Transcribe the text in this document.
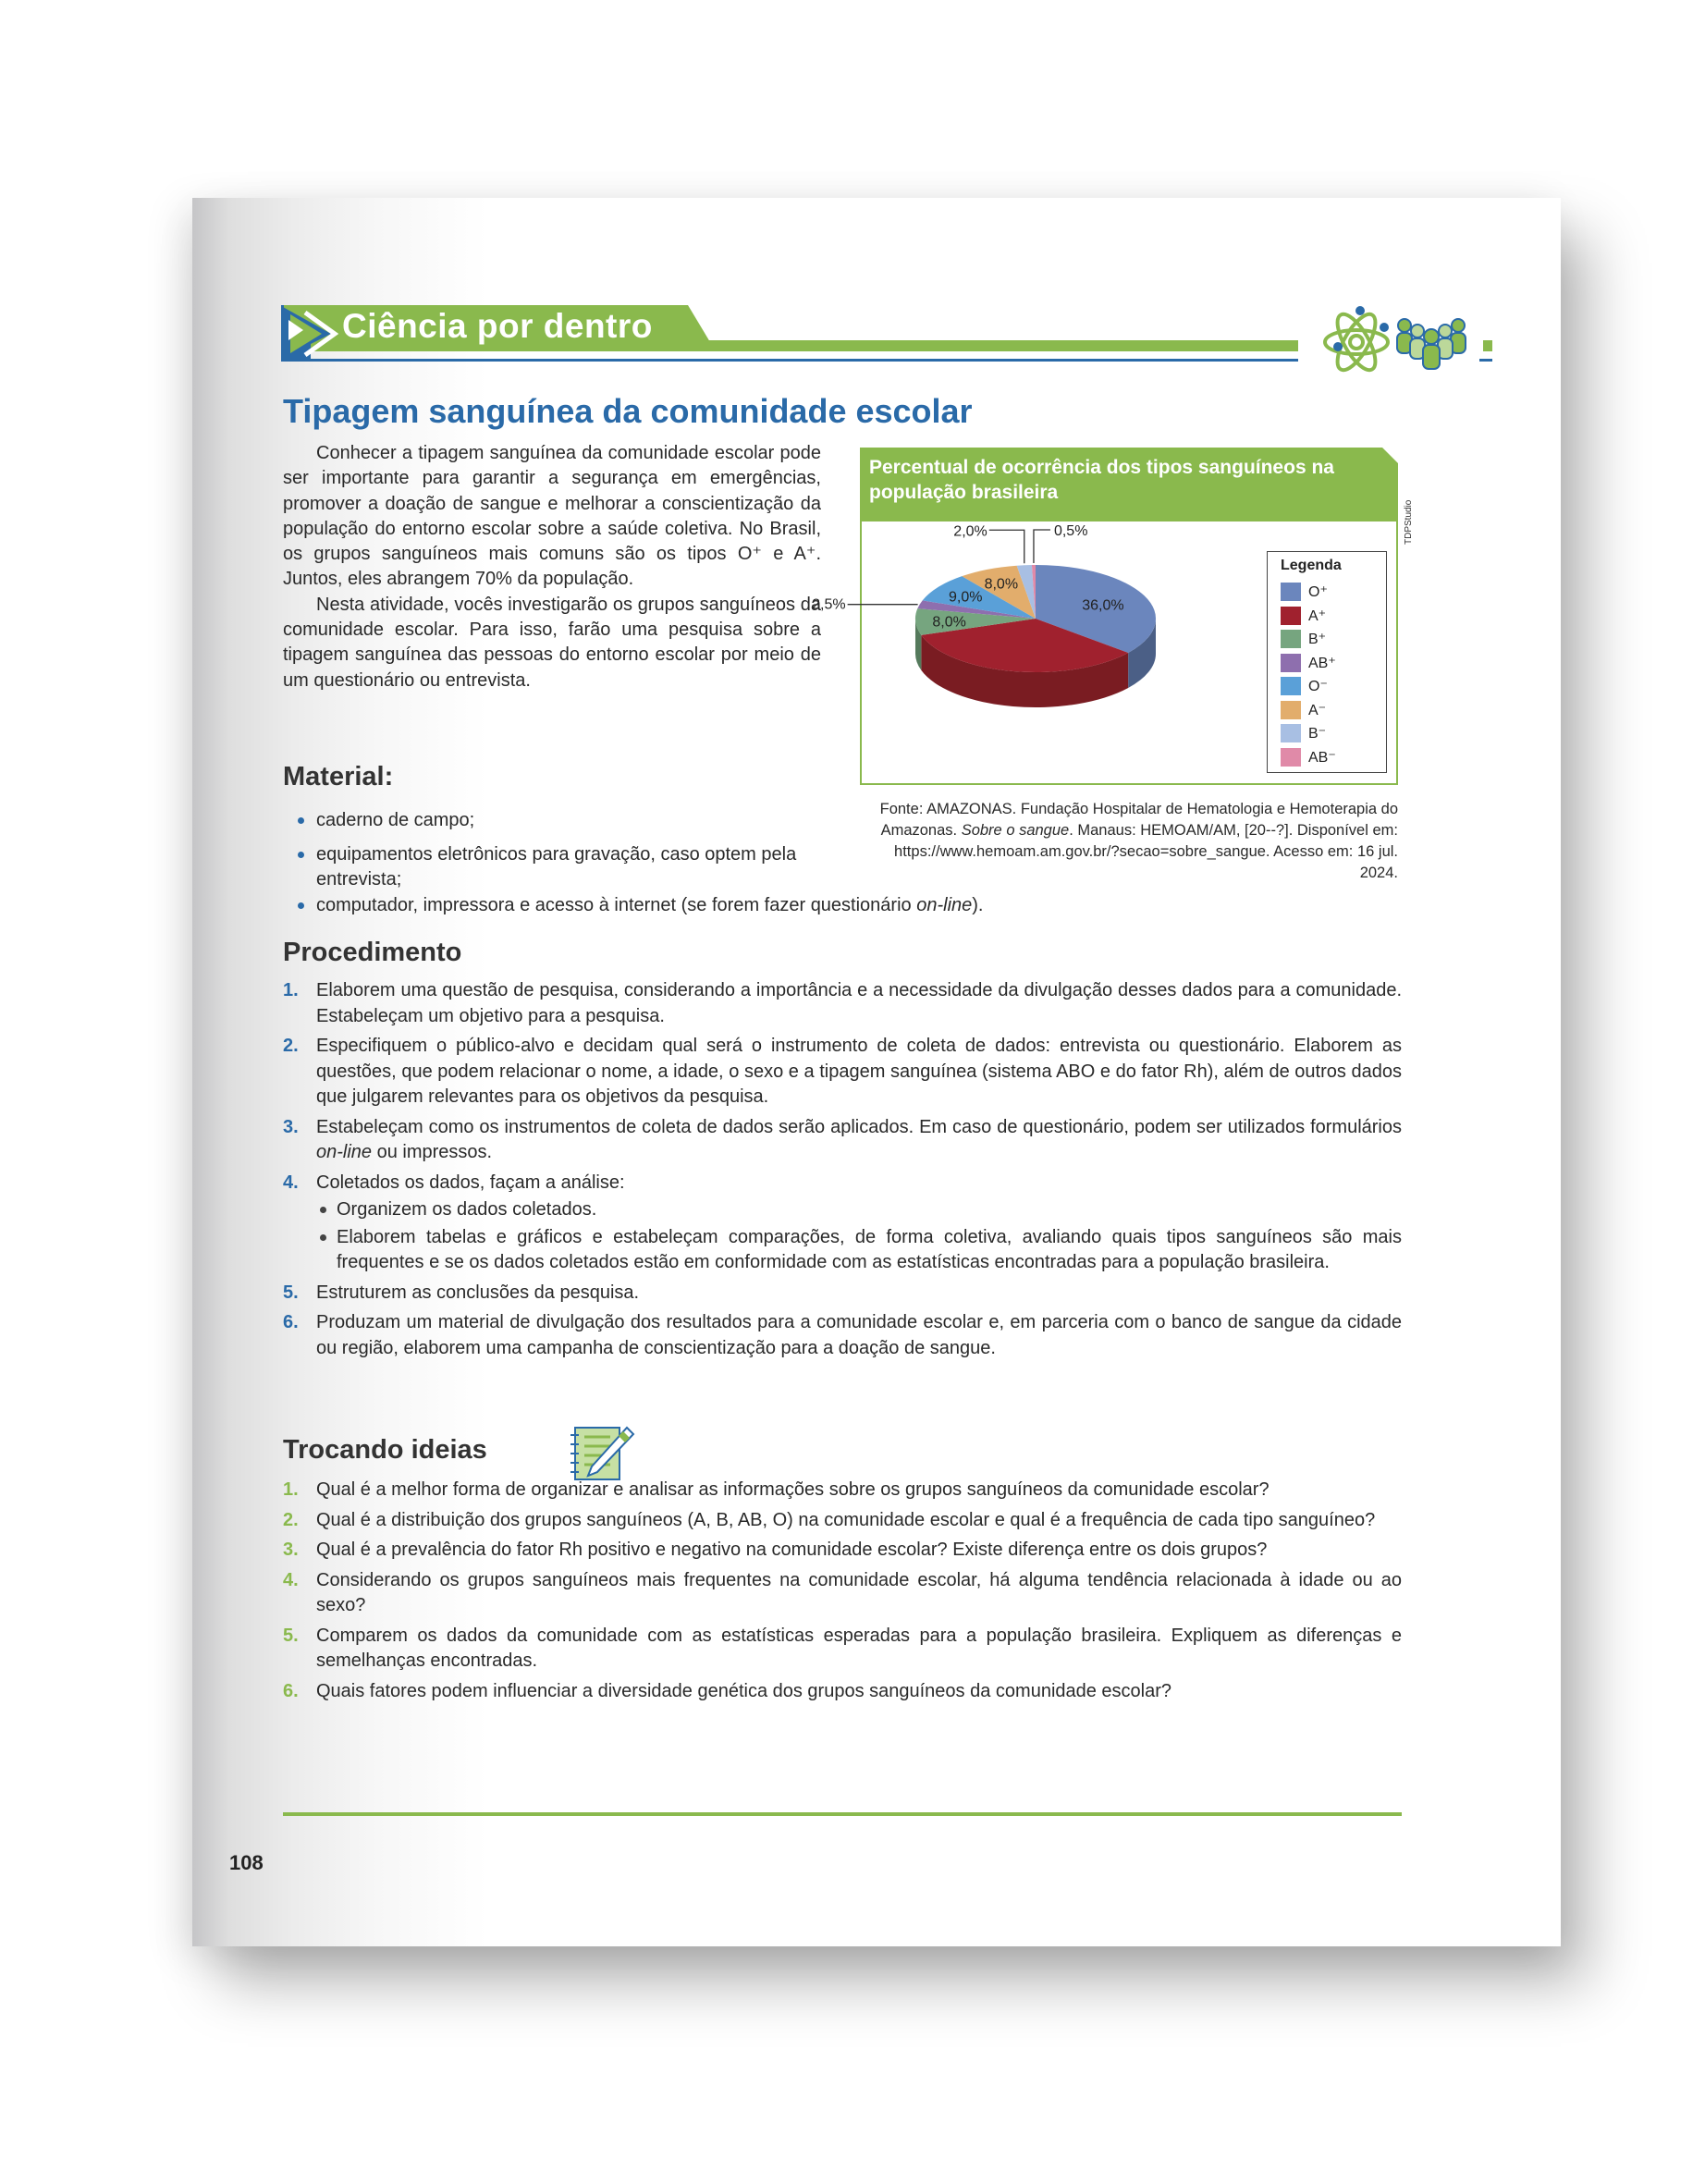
Ciência por dentro
Tipagem sanguínea da comunidade escolar

Conhecer a tipagem sanguínea da comunidade escolar pode ser importante para garantir a segurança em emergências, promover a doação de sangue e melhorar a conscientização da população do entorno escolar sobre a saúde coletiva. No Brasil, os grupos sanguíneos mais comuns são os tipos O⁺ e A⁺. Juntos, eles abrangem 70% da população.

Nesta atividade, vocês investigarão os grupos sanguíneos da comunidade escolar. Para isso, farão uma pesquisa sobre a tipagem sanguínea das pessoas do entorno escolar por meio de um questionário ou entrevista.

Percentual de ocorrência dos tipos sanguíneos na população brasileira
36,0%
8,0%
9,0%
8,0%
2,5%
2,0%	0,5%
Legenda
O⁺
A⁺
B⁺
AB⁺
O⁻
A⁻
B⁻
AB⁻
TDPStudio
Fonte: AMAZONAS. Fundação Hospitalar de Hematologia e Hemoterapia do Amazonas. Sobre o sangue. Manaus: HEMOAM/AM, [20--?]. Disponível em: https://www.hemoam.am.gov.br/?secao=sobre_sangue. Acesso em: 16 jul. 2024.
Material:
caderno de campo;
equipamentos eletrônicos para gravação, caso optem pela entrevista;
computador, impressora e acesso à internet (se forem fazer questionário on-line).
Procedimento
1. Elaborem uma questão de pesquisa, considerando a importância e a necessidade da divulgação desses dados para a comunidade. Estabeleçam um objetivo para a pesquisa.
2. Especifiquem o público-alvo e decidam qual será o instrumento de coleta de dados: entrevista ou questionário. Elaborem as questões, que podem relacionar o nome, a idade, o sexo e a tipagem sanguínea (sistema ABO e do fator Rh), além de outros dados que julgarem relevantes para os objetivos da pesquisa.
3. Estabeleçam como os instrumentos de coleta de dados serão aplicados. Em caso de questionário, podem ser utilizados formulários on-line ou impressos.
4. Coletados os dados, façam a análise:
Organizem os dados coletados.
Elaborem tabelas e gráficos e estabeleçam comparações, de forma coletiva, avaliando quais tipos sanguíneos são mais frequentes e se os dados coletados estão em conformidade com as estatísticas encontradas para a população brasileira.
5. Estruturem as conclusões da pesquisa.
6. Produzam um material de divulgação dos resultados para a comunidade escolar e, em parceria com o banco de sangue da cidade ou região, elaborem uma campanha de conscientização para a doação de sangue.
Trocando ideias
1. Qual é a melhor forma de organizar e analisar as informações sobre os grupos sanguíneos da comunidade escolar?
2. Qual é a distribuição dos grupos sanguíneos (A, B, AB, O) na comunidade escolar e qual é a frequência de cada tipo sanguíneo?
3. Qual é a prevalência do fator Rh positivo e negativo na comunidade escolar? Existe diferença entre os dois grupos?
4. Considerando os grupos sanguíneos mais frequentes na comunidade escolar, há alguma tendência relacionada à idade ou ao sexo?
5. Comparem os dados da comunidade com as estatísticas esperadas para a população brasileira. Expliquem as diferenças e semelhanças encontradas.
6. Quais fatores podem influenciar a diversidade genética dos grupos sanguíneos da comunidade escolar?
108
